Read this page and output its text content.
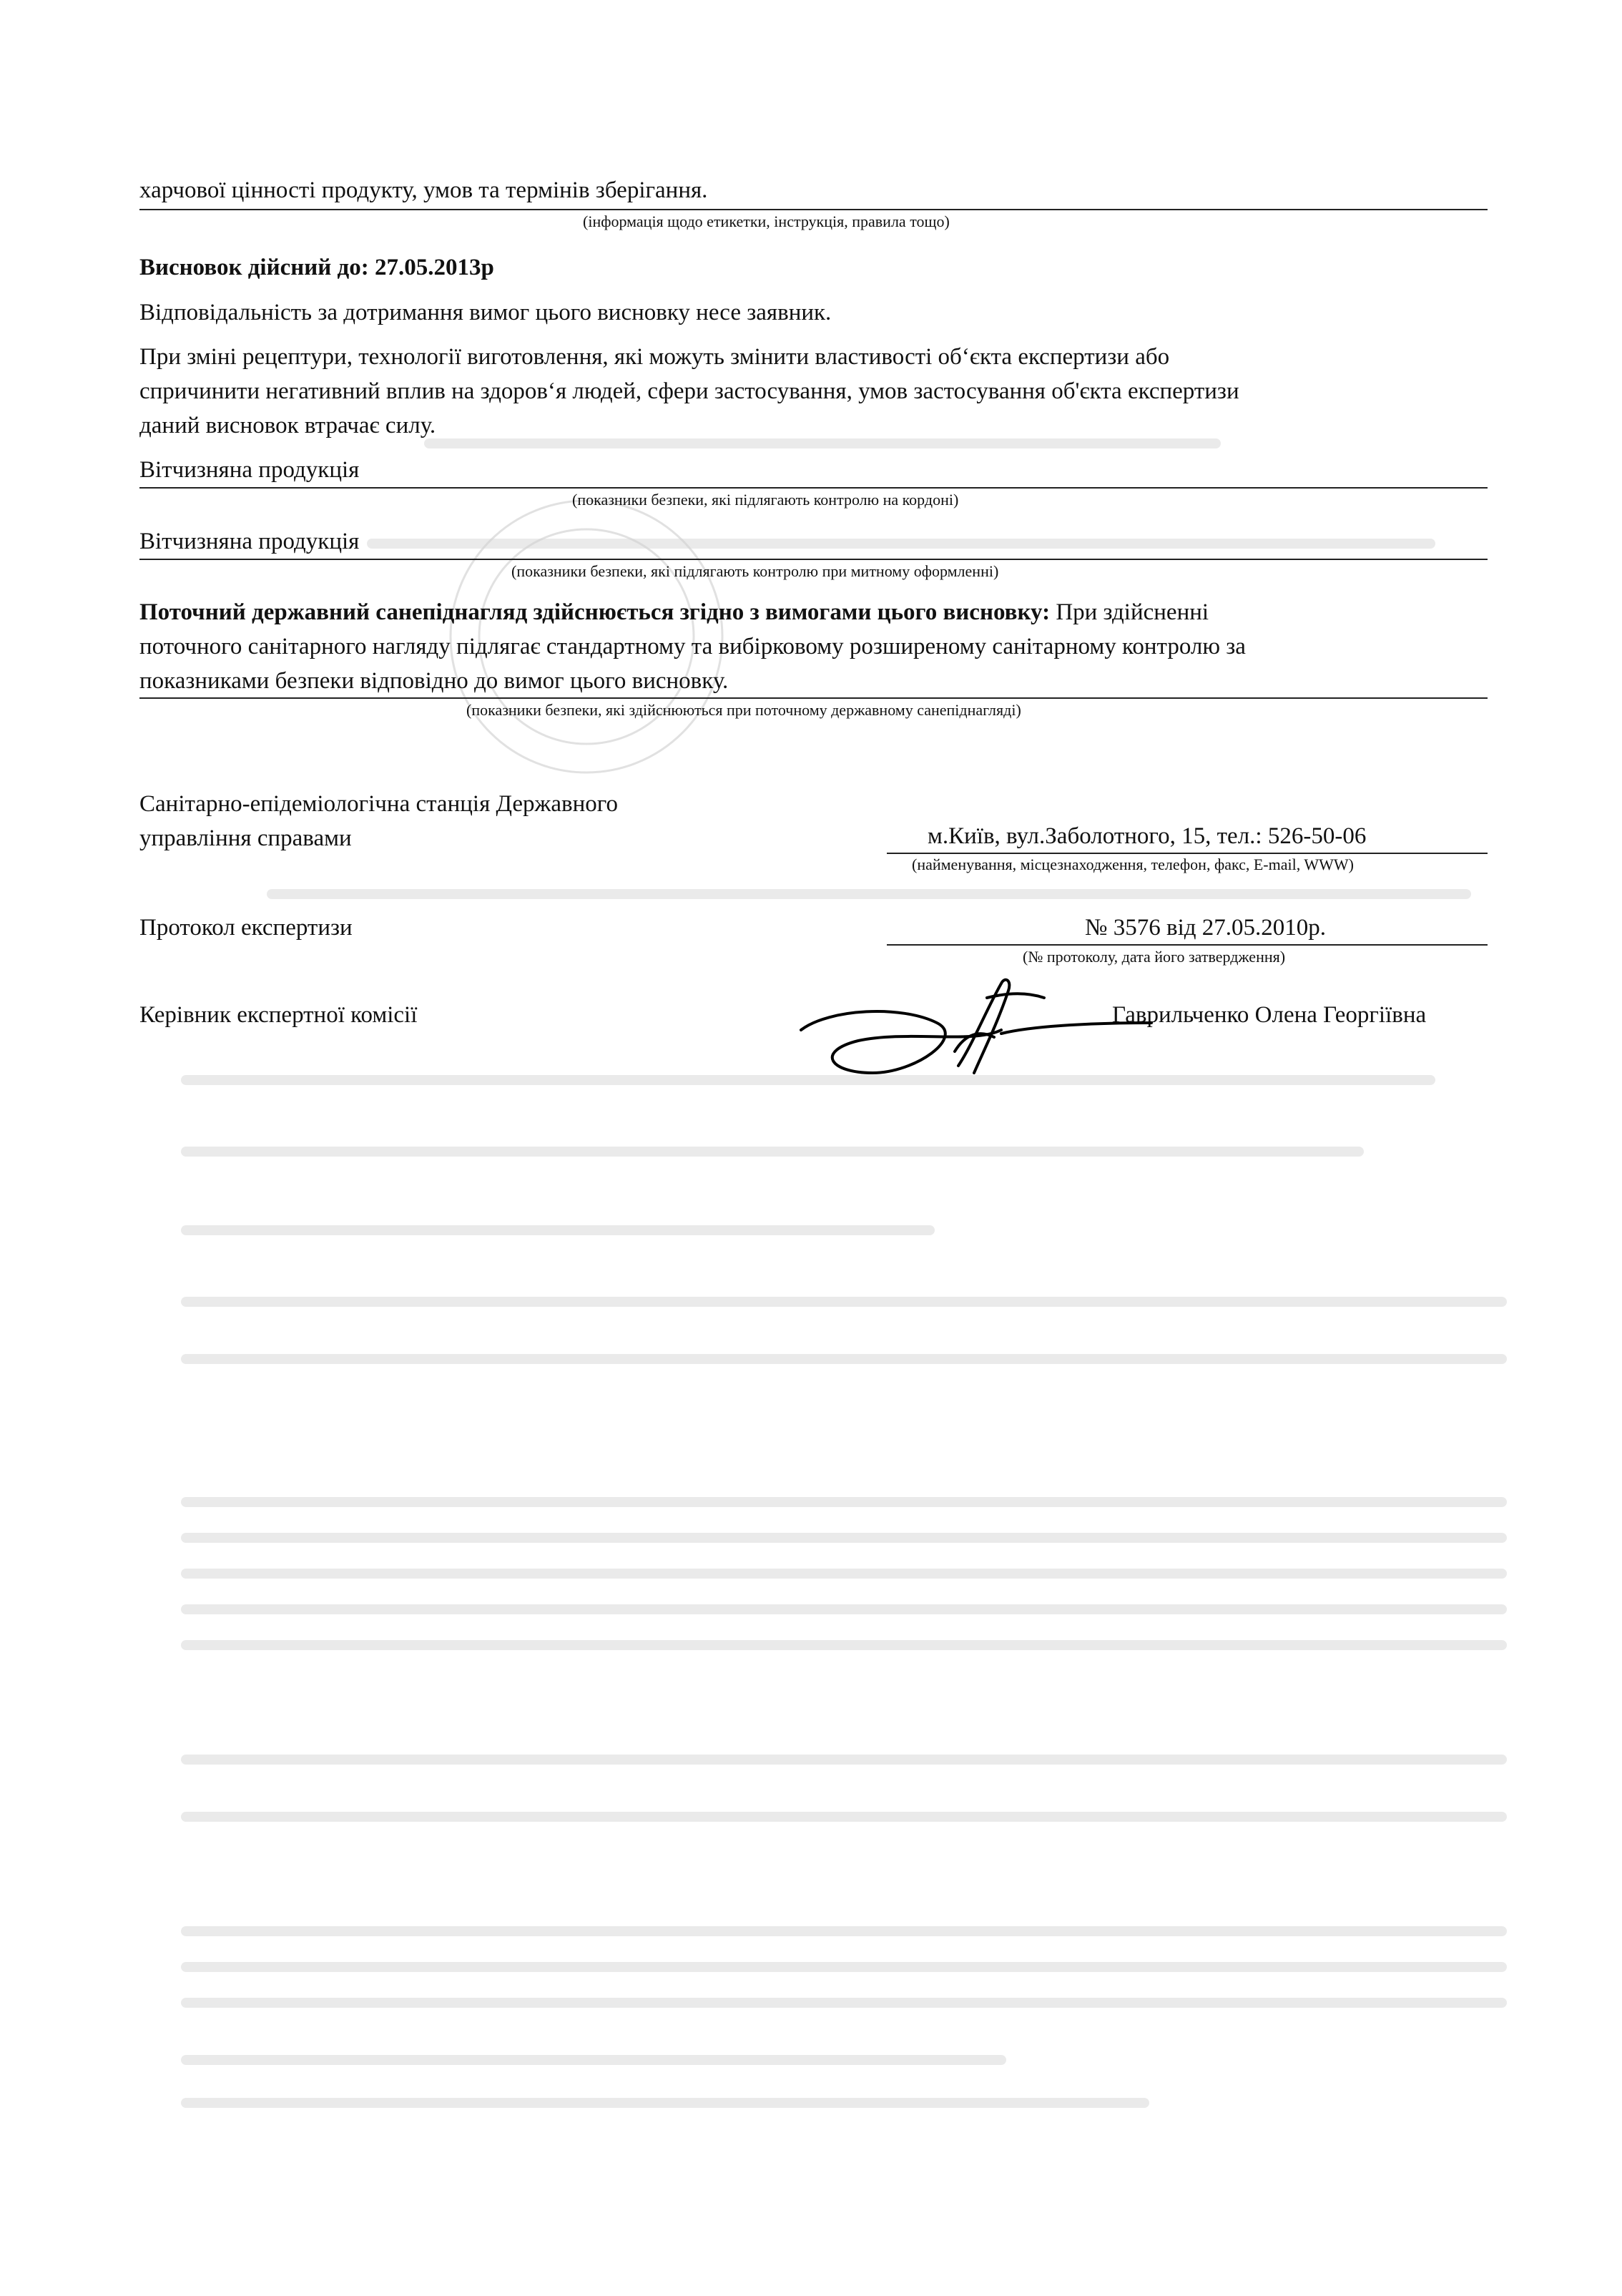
харчової цінності продукту, умов та термінів зберігання.
(інформація щодо етикетки, інструкція, правила тощо)
Висновок дійсний до: 27.05.2013р
Відповідальність за дотримання вимог цього висновку несе заявник.
При зміні рецептури, технології виготовлення, які можуть змінити властивості об‘єкта експертизи або
спричинити негативний вплив на здоров‘я людей, сфери застосування, умов застосування об'єкта експертизи
даний висновок втрачає силу.
Вітчизняна продукція
(показники безпеки, які підлягають контролю на кордоні)
Вітчизняна продукція
(показники безпеки, які підлягають контролю при митному оформленні)
Поточний державний санепіднагляд здійснюється згідно з вимогами цього висновку: При здійсненні
поточного санітарного нагляду підлягає стандартному та вибірковому розширеному санітарному контролю за
показниками безпеки відповідно до вимог цього висновку.
(показники безпеки, які здійснюються при поточному державному санепіднагляді)
Санітарно-епідеміологічна станція Державного
управління справами	м.Київ, вул.Заболотного, 15, тел.: 526-50-06
(найменування, місцезнаходження, телефон, факс, E-mail, WWW)
Протокол експертизи	№ 3576 від 27.05.2010р.
(№ протоколу, дата його затвердження)
Керівник експертної комісії	Гаврильченко Олена Георгіївна
